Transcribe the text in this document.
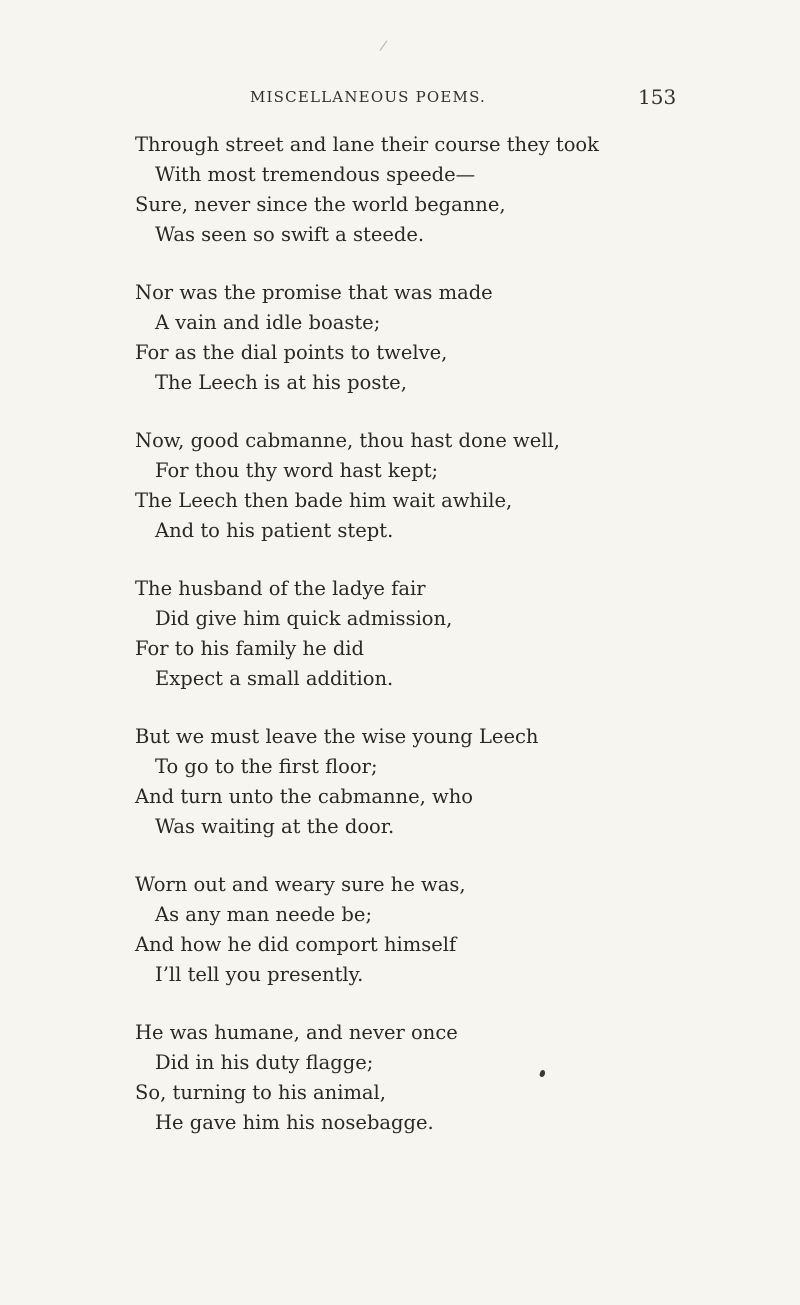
/
MISCELLANEOUS POEMS.	153
Through street and lane their course they took
With most tremendous speede—
Sure, never since the world beganne,
Was seen so swift a steede.
Nor was the promise that was made
A vain and idle boaste;
For as the dial points to twelve,
The Leech is at his poste,
Now, good cabmanne, thou hast done well,
For thou thy word hast kept;
The Leech then bade him wait awhile,
And to his patient stept.
The husband of the ladye fair
Did give him quick admission,
For to his family he did
Expect a small addition.
But we must leave the wise young Leech
To go to the first floor;
And turn unto the cabmanne, who
Was waiting at the door.
Worn out and weary sure he was,
As any man neede be;
And how he did comport himself
I’ll tell you presently.
He was humane, and never once
Did in his duty flagge;
So, turning to his animal,
He gave him his nosebagge.
